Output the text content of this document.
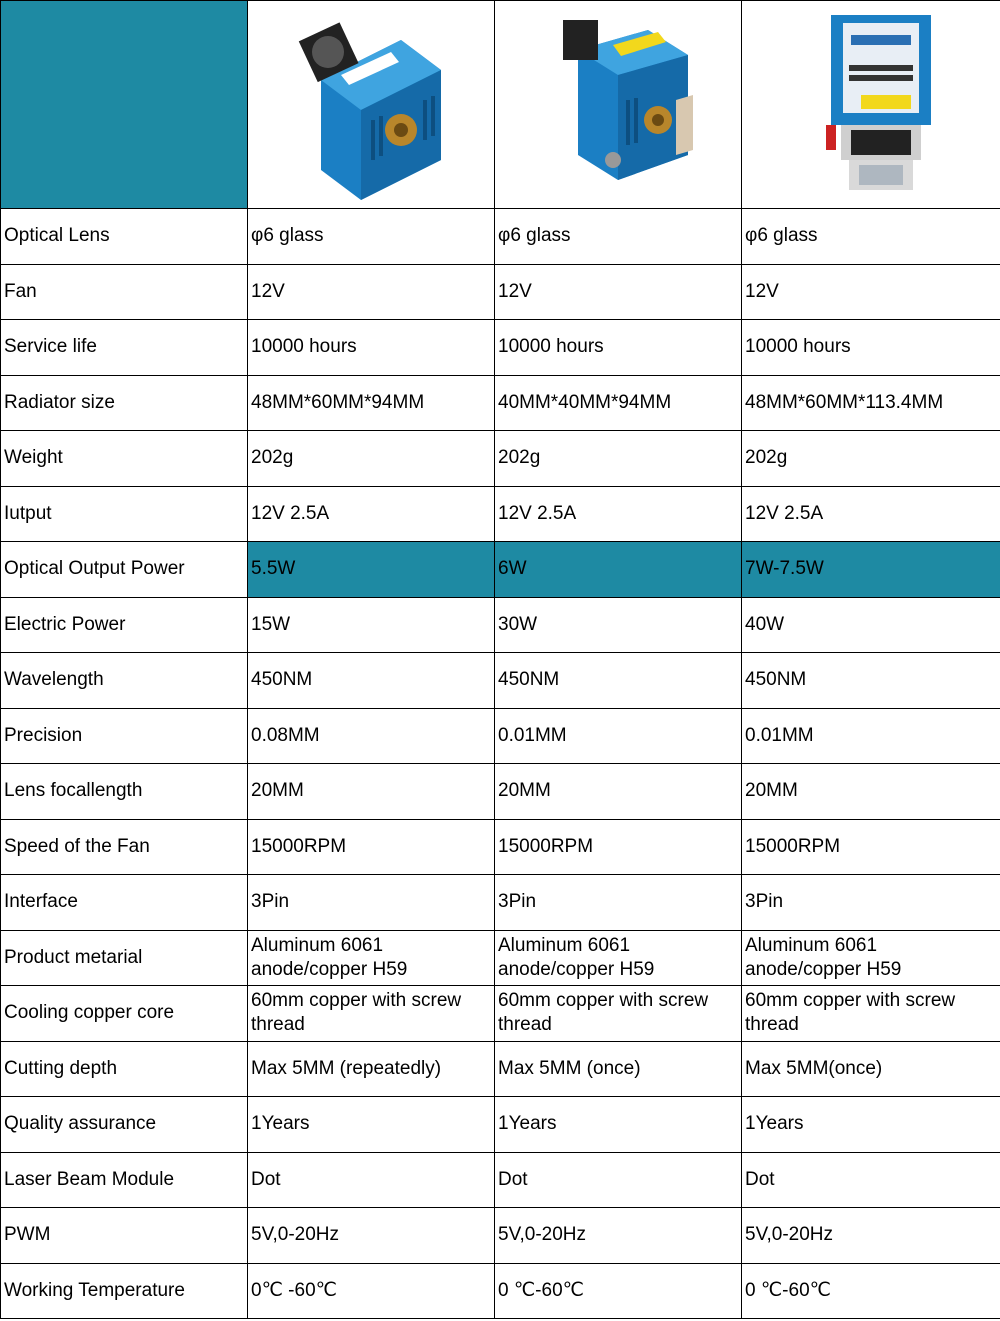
Optical Lens	φ6 glass	φ6 glass	φ6 glass
Fan	12V	12V	12V
Service life	10000 hours	10000 hours	10000 hours
Radiator size	48MM*60MM*94MM	40MM*40MM*94MM	48MM*60MM*113.4MM
Weight	202g	202g	202g
Iutput	12V 2.5A	12V 2.5A	12V 2.5A
Optical Output Power	5.5W	6W	7W-7.5W
Electric Power	15W	30W	40W
Wavelength	450NM	450NM	450NM
Precision	0.08MM	0.01MM	0.01MM
Lens focallength	20MM	20MM	20MM
Speed of the Fan	15000RPM	15000RPM	15000RPM
Interface	3Pin	3Pin	3Pin
Product metarial	Aluminum 6061 anode/copper H59	Aluminum 6061 anode/copper H59	Aluminum 6061 anode/copper H59
Cooling copper core	60mm copper with screw thread	60mm copper with screw thread	60mm copper with screw thread
Cutting depth	Max 5MM (repeatedly)	Max 5MM (once)	Max 5MM(once)
Quality assurance	1Years	1Years	1Years
Laser Beam Module	Dot	Dot	Dot
PWM	5V,0-20Hz	5V,0-20Hz	5V,0-20Hz
Working Temperature	0℃ -60℃	0 ℃-60℃	0 ℃-60℃
